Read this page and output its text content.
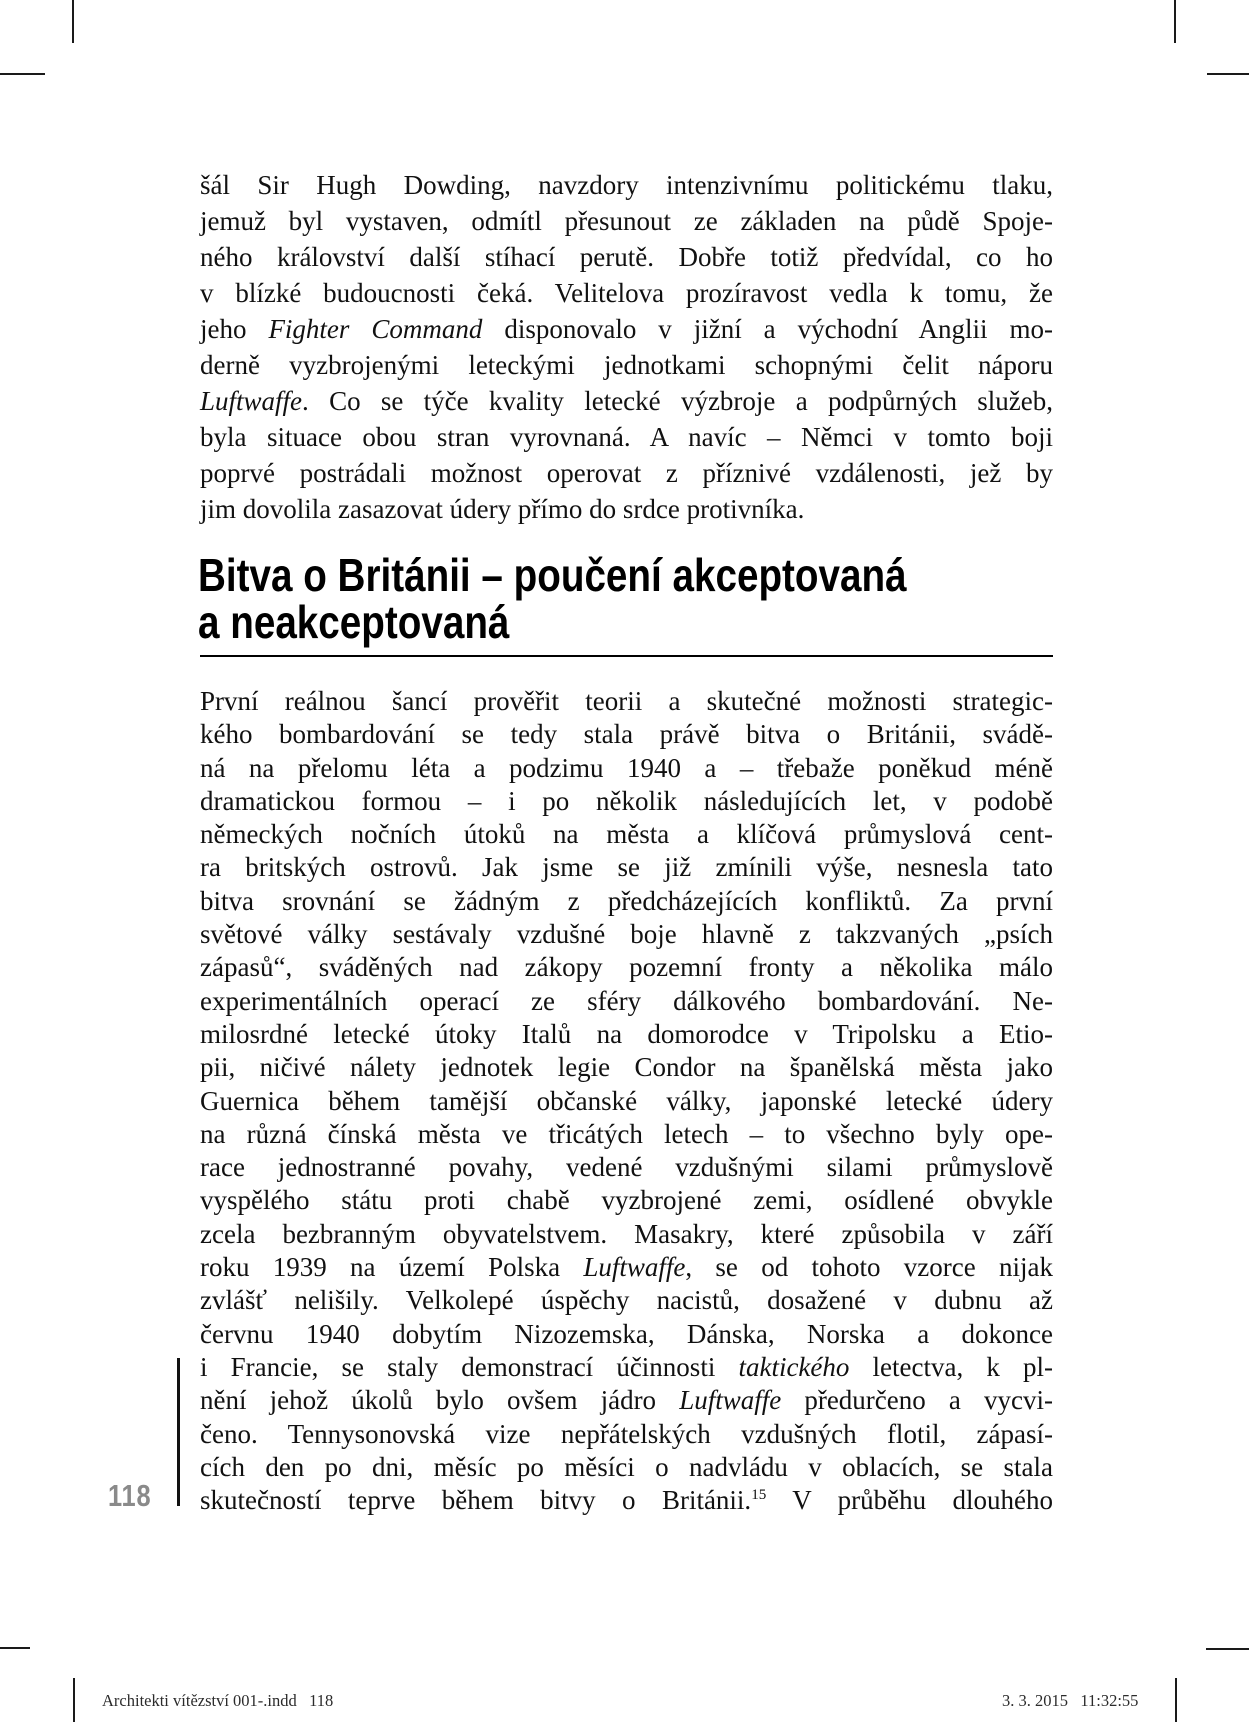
šál Sir Hugh Dowding, navzdory intenzivnímu politickému tlaku,
jemuž byl vystaven, odmítl přesunout ze základen na půdě Spoje-
ného království další stíhací perutě. Dobře totiž předvídal, co ho
v blízké budoucnosti čeká. Velitelova prozíravost vedla k tomu, že
jeho Fighter Command disponovalo v jižní a východní Anglii mo-
derně vyzbrojenými leteckými jednotkami schopnými čelit náporu
Luftwaffe. Co se týče kvality letecké výzbroje a podpůrných služeb,
byla situace obou stran vyrovnaná. A navíc – Němci v tomto boji
poprvé postrádali možnost operovat z příznivé vzdálenosti, jež by
jim dovolila zasazovat údery přímo do srdce protivníka.
Bitva o Británii – poučení akceptovaná
a neakceptovaná
První reálnou šancí prověřit teorii a skutečné možnosti strategic-
kého bombardování se tedy stala právě bitva o Británii, svádě-
ná na přelomu léta a podzimu 1940 a – třebaže poněkud méně
dramatickou formou – i po několik následujících let, v podobě
německých nočních útoků na města a klíčová průmyslová cent-
ra britských ostrovů. Jak jsme se již zmínili výše, nesnesla tato
bitva srovnání se žádným z předcházejících konfliktů. Za první
světové války sestávaly vzdušné boje hlavně z takzvaných „psích
zápasů“, sváděných nad zákopy pozemní fronty a několika málo
experimentálních operací ze sféry dálkového bombardování. Ne-
milosrdné letecké útoky Italů na domorodce v Tripolsku a Etio-
pii, ničivé nálety jednotek legie Condor na španělská města jako
Guernica během tamější občanské války, japonské letecké údery
na různá čínská města ve třicátých letech – to všechno byly ope-
race jednostranné povahy, vedené vzdušnými silami průmyslově
vyspělého státu proti chabě vyzbrojené zemi, osídlené obvykle
zcela bezbranným obyvatelstvem. Masakry, které způsobila v září
roku 1939 na území Polska Luftwaffe, se od tohoto vzorce nijak
zvlášť nelišily. Velkolepé úspěchy nacistů, dosažené v dubnu až
červnu 1940 dobytím Nizozemska, Dánska, Norska a dokonce
i Francie, se staly demonstrací účinnosti taktického letectva, k pl-
nění jehož úkolů bylo ovšem jádro Luftwaffe předurčeno a vycvi-
čeno. Tennysonovská vize nepřátelských vzdušných flotil, zápasí-
cích den po dni, měsíc po měsíci o nadvládu v oblacích, se stala
skutečností teprve během bitvy o Británii.$^{15}$ V průběhu dlouhého
118
Architekti vítězství 001-.indd   118	3. 3. 2015   11:32:55
